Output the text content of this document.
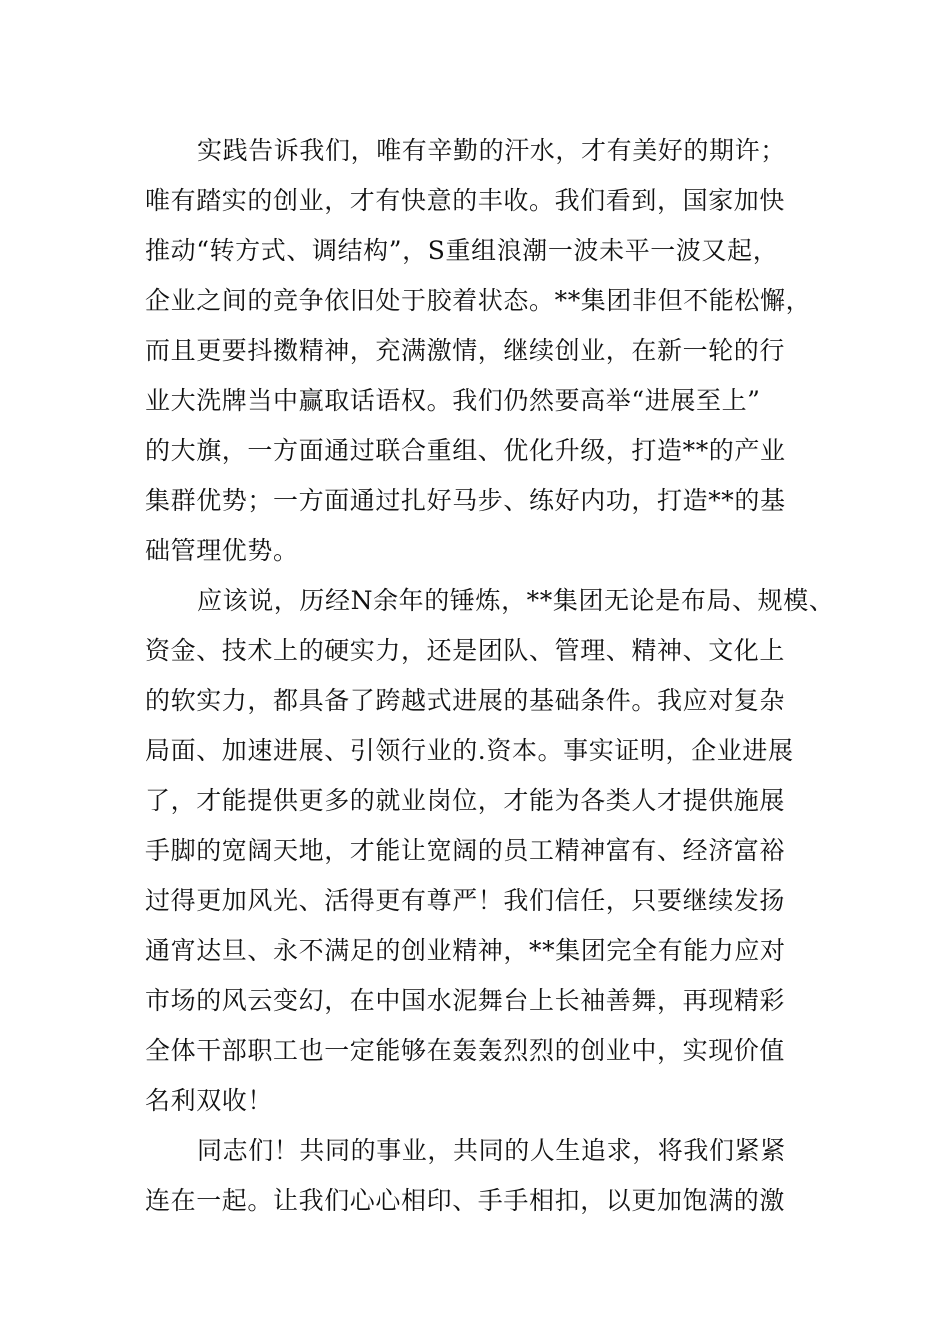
实践告诉我们，唯有辛勤的汗水，才有美好的期许；
唯有踏实的创业，才有快意的丰收。我们看到，国家加快
推动“转方式、调结构”，S重组浪潮一波未平一波又起，
企业之间的竞争依旧处于胶着状态。**集团非但不能松懈，
而且更要抖擞精神，充满激情，继续创业，在新一轮的行
业大洗牌当中赢取话语权。我们仍然要高举“进展至上”
的大旗，一方面通过联合重组、优化升级，打造**的产业
集群优势；一方面通过扎好马步、练好内功，打造**的基
础管理优势。
应该说，历经N余年的锤炼，**集团无论是布局、规模、
资金、技术上的硬实力，还是团队、管理、精神、文化上
的软实力，都具备了跨越式进展的基础条件。我应对复杂
局面、加速进展、引领行业的.资本。事实证明，企业进展
了，才能提供更多的就业岗位，才能为各类人才提供施展
手脚的宽阔天地，才能让宽阔的员工精神富有、经济富裕
过得更加风光、活得更有尊严！我们信任，只要继续发扬
通宵达旦、永不满足的创业精神，**集团完全有能力应对
市场的风云变幻，在中国水泥舞台上长袖善舞，再现精彩
全体干部职工也一定能够在轰轰烈烈的创业中，实现价值
名利双收！
同志们！共同的事业，共同的人生追求，将我们紧紧
连在一起。让我们心心相印、手手相扣，以更加饱满的激
